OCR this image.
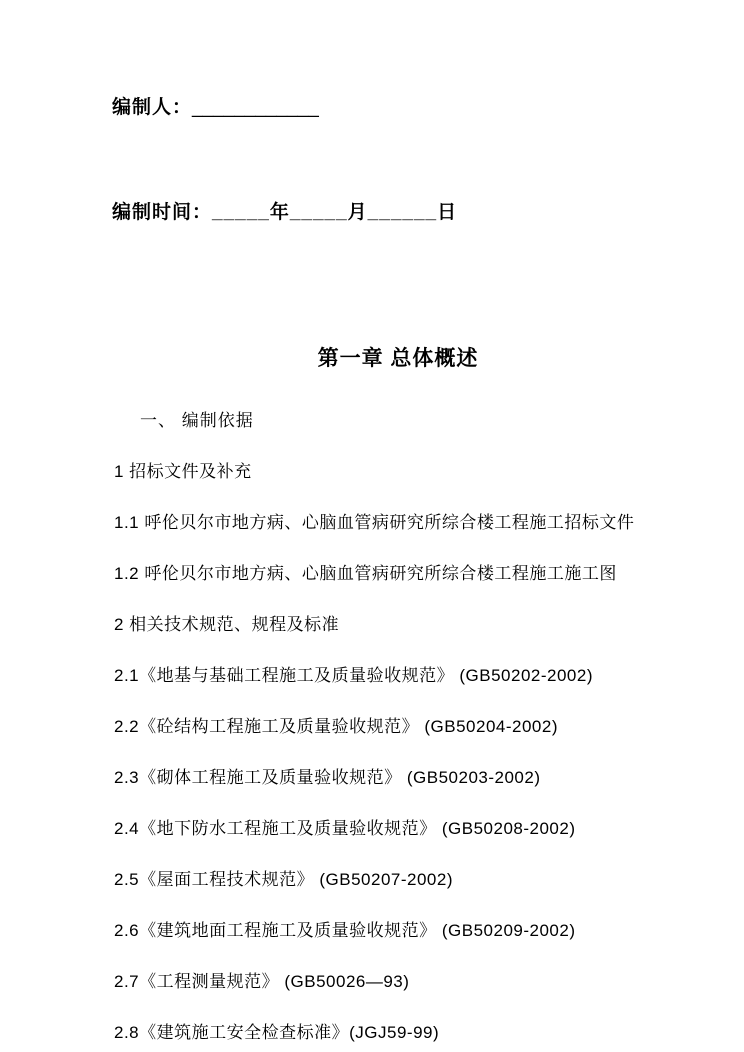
编制人：____________

编制时间：_____年_____月______日

第一章 总体概述

一、 编制依据

1 招标文件及补充

1.1 呼伦贝尔市地方病、心脑血管病研究所综合楼工程施工招标文件

1.2 呼伦贝尔市地方病、心脑血管病研究所综合楼工程施工施工图

2 相关技术规范、规程及标准

2.1《地基与基础工程施工及质量验收规范》 (GB50202-2002)

2.2《砼结构工程施工及质量验收规范》 (GB50204-2002)

2.3《砌体工程施工及质量验收规范》 (GB50203-2002)

2.4《地下防水工程施工及质量验收规范》 (GB50208-2002)

2.5《屋面工程技术规范》 (GB50207-2002)

2.6《建筑地面工程施工及质量验收规范》 (GB50209-2002)

2.7《工程测量规范》 (GB50026—93)

2.8《建筑施工安全检查标准》(JGJ59-99)
